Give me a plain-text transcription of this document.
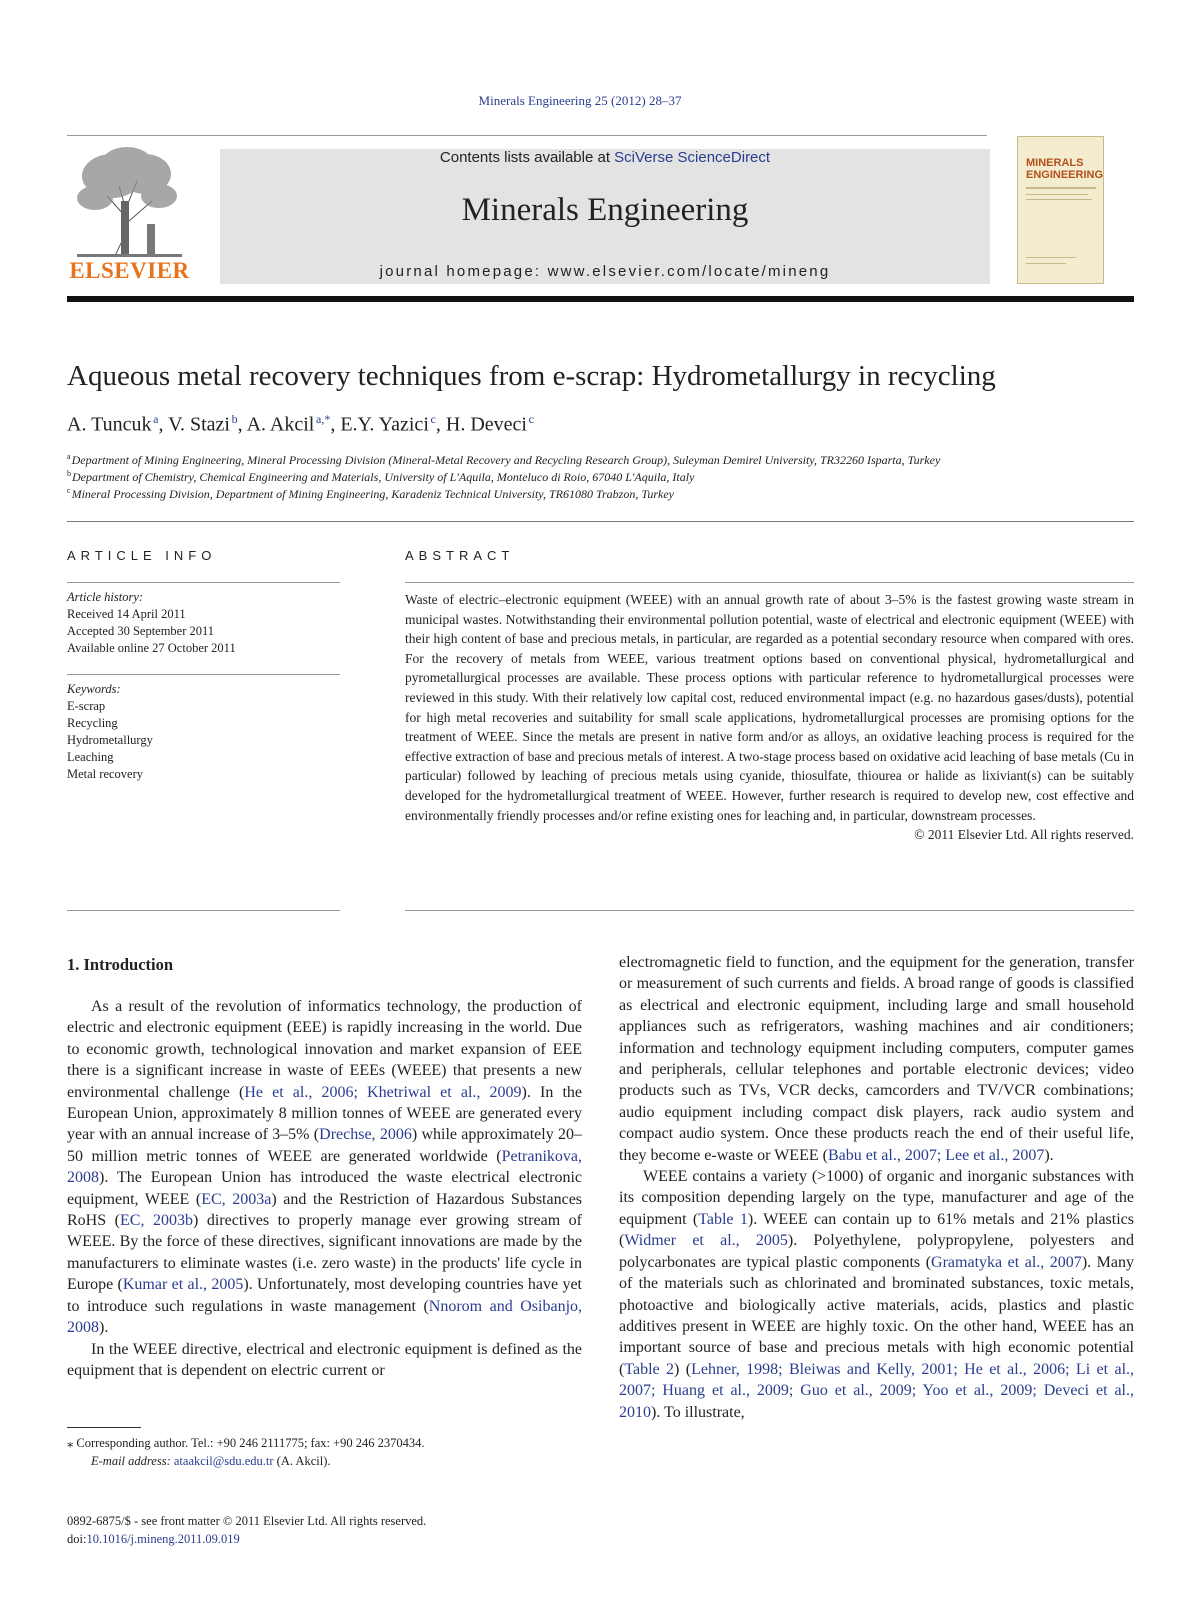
Minerals Engineering 25 (2012) 28–37
ELSEVIER
Contents lists available at SciVerse ScienceDirect
Minerals Engineering
journal homepage: www.elsevier.com/locate/mineng
MINERALS ENGINEERING
Aqueous metal recovery techniques from e-scrap: Hydrometallurgy in recycling
A. Tuncuk  $^a$, V. Stazi  $^b$, A. Akcil  $^{a,*}$, E.Y. Yazici  $^c$, H. Deveci  $^c$
$^a$ Department of Mining Engineering, Mineral Processing Division (Mineral-Metal Recovery and Recycling Research Group), Suleyman Demirel University, TR32260 Isparta, Turkey
$^b$ Department of Chemistry, Chemical Engineering and Materials, University of L'Aquila, Monteluco di Roio, 67040 L'Aquila, Italy
$^c$ Mineral Processing Division, Department of Mining Engineering, Karadeniz Technical University, TR61080 Trabzon, Turkey
ARTICLE INFO
Article history:
Received 14 April 2011
Accepted 30 September 2011
Available online 27 October 2011
Keywords:
E-scrap
Recycling
Hydrometallurgy
Leaching
Metal recovery
ABSTRACT
Waste of electric–electronic equipment (WEEE) with an annual growth rate of about 3–5% is the fastest growing waste stream in municipal wastes. Notwithstanding their environmental pollution potential, waste of electrical and electronic equipment (WEEE) with their high content of base and precious metals, in particular, are regarded as a potential secondary resource when compared with ores. For the recovery of metals from WEEE, various treatment options based on conventional physical, hydrometallurgical and pyrometallurgical processes are available. These process options with particular reference to hydrometallurgical processes were reviewed in this study. With their relatively low capital cost, reduced environmental impact (e.g. no hazardous gases/dusts), potential for high metal recoveries and suitability for small scale applications, hydrometallurgical processes are promising options for the treatment of WEEE. Since the metals are present in native form and/or as alloys, an oxidative leaching process is required for the effective extraction of base and precious metals of interest. A two-stage process based on oxidative acid leaching of base metals (Cu in particular) followed by leaching of precious metals using cyanide, thiosulfate, thiourea or halide as lixiviant(s) can be suitably developed for the hydrometallurgical treatment of WEEE. However, further research is required to develop new, cost effective and environmentally friendly processes and/or refine existing ones for leaching and, in particular, downstream processes.
© 2011 Elsevier Ltd. All rights reserved.
1. Introduction

As a result of the revolution of informatics technology, the production of electric and electronic equipment (EEE) is rapidly increasing in the world. Due to economic growth, technological innovation and market expansion of EEE there is a significant increase in waste of EEEs (WEEE) that presents a new environmental challenge (He et al., 2006; Khetriwal et al., 2009). In the European Union, approximately 8 million tonnes of WEEE are generated every year with an annual increase of 3–5% (Drechse, 2006) while approximately 20–50 million metric tonnes of WEEE are generated worldwide (Petranikova, 2008). The European Union has introduced the waste electrical electronic equipment, WEEE (EC, 2003a) and the Restriction of Hazardous Substances RoHS (EC, 2003b) directives to properly manage ever growing stream of WEEE. By the force of these directives, significant innovations are made by the manufacturers to eliminate wastes (i.e. zero waste) in the products' life cycle in Europe (Kumar et al., 2005). Unfortunately, most developing countries have yet to introduce such regulations in waste management (Nnorom and Osibanjo, 2008).

In the WEEE directive, electrical and electronic equipment is defined as the equipment that is dependent on electric current or

electromagnetic field to function, and the equipment for the generation, transfer or measurement of such currents and fields. A broad range of goods is classified as electrical and electronic equipment, including large and small household appliances such as refrigerators, washing machines and air conditioners; information and technology equipment including computers, computer games and peripherals, cellular telephones and portable electronic devices; video products such as TVs, VCR decks, camcorders and TV/VCR combinations; audio equipment including compact disk players, rack audio system and compact audio system. Once these products reach the end of their useful life, they become e-waste or WEEE (Babu et al., 2007; Lee et al., 2007).

WEEE contains a variety (>1000) of organic and inorganic substances with its composition depending largely on the type, manufacturer and age of the equipment (Table 1). WEEE can contain up to 61% metals and 21% plastics (Widmer et al., 2005). Polyethylene, polypropylene, polyesters and polycarbonates are typical plastic components (Gramatyka et al., 2007). Many of the materials such as chlorinated and brominated substances, toxic metals, photoactive and biologically active materials, acids, plastics and plastic additives present in WEEE are highly toxic. On the other hand, WEEE has an important source of base and precious metals with high economic potential (Table 2) (Lehner, 1998; Bleiwas and Kelly, 2001; He et al., 2006; Li et al., 2007; Huang et al., 2009; Guo et al., 2009; Yoo et al., 2009; Deveci et al., 2010). To illustrate,

⁎ Corresponding author. Tel.: +90 246 2111775; fax: +90 246 2370434.
E-mail address: ataakcil@sdu.edu.tr (A. Akcil).
0892-6875/$ - see front matter © 2011 Elsevier Ltd. All rights reserved.
doi:10.1016/j.mineng.2011.09.019
